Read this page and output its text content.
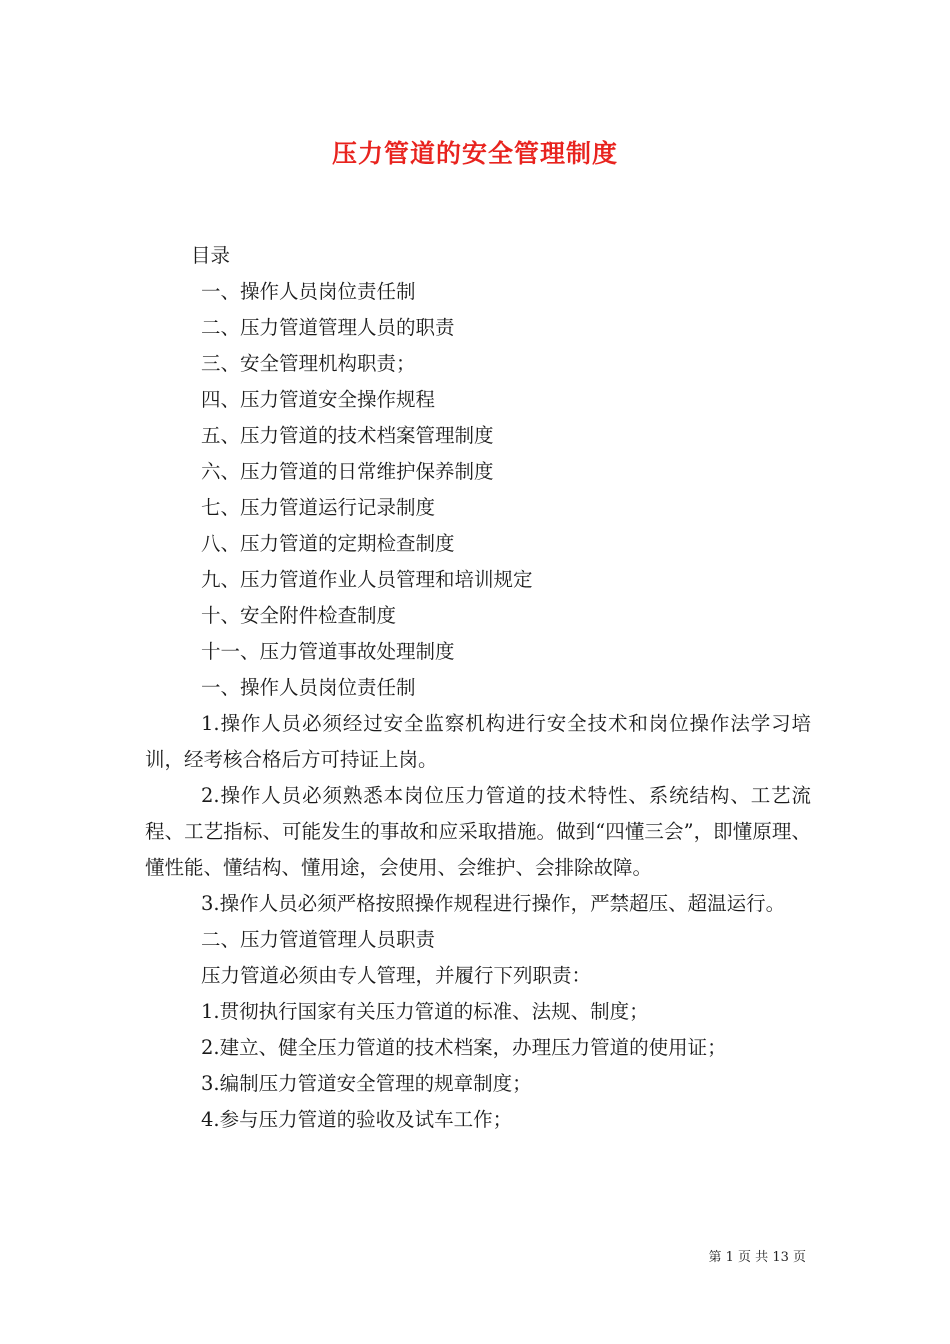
压力管道的安全管理制度

目录

一、操作人员岗位责任制

二、压力管道管理人员的职责

三、安全管理机构职责；

四、压力管道安全操作规程

五、压力管道的技术档案管理制度

六、压力管道的日常维护保养制度

七、压力管道运行记录制度

八、压力管道的定期检查制度

九、压力管道作业人员管理和培训规定

十、安全附件检查制度

十一、压力管道事故处理制度

一、操作人员岗位责任制

1.操作人员必须经过安全监察机构进行安全技术和岗位操作法学习培训，经考核合格后方可持证上岗。

2.操作人员必须熟悉本岗位压力管道的技术特性、系统结构、工艺流程、工艺指标、可能发生的事故和应采取措施。做到“四懂三会”，即懂原理、懂性能、懂结构、懂用途，会使用、会维护、会排除故障。

3.操作人员必须严格按照操作规程进行操作，严禁超压、超温运行。

二、压力管道管理人员职责

压力管道必须由专人管理，并履行下列职责：

1.贯彻执行国家有关压力管道的标准、法规、制度；

2.建立、健全压力管道的技术档案，办理压力管道的使用证；

3.编制压力管道安全管理的规章制度；

4.参与压力管道的验收及试车工作；

第 1 页 共 13 页
